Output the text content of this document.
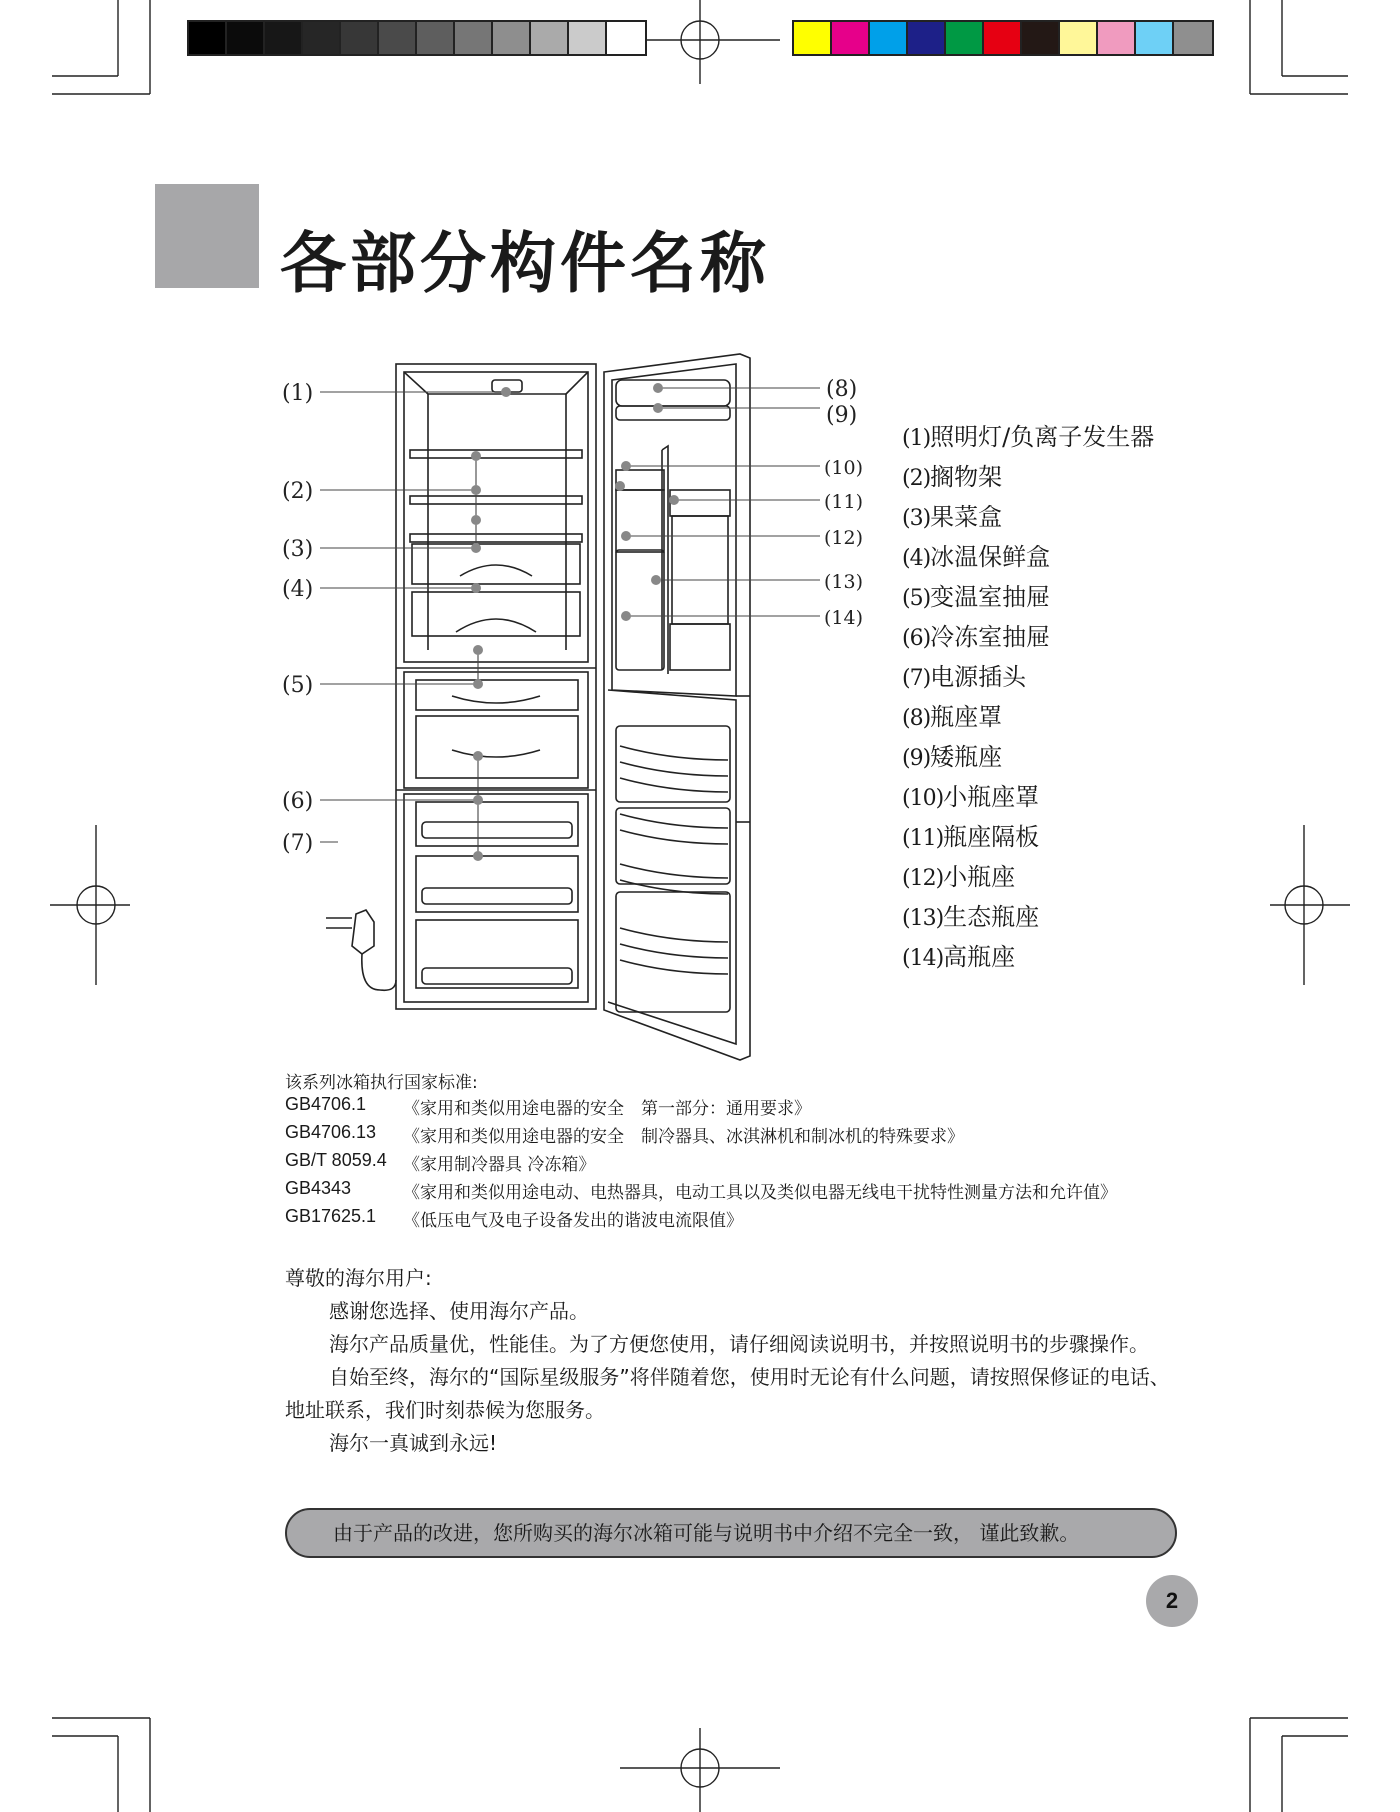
各部分构件名称
(1)
(2)
(3)
(4)
(5)
(6)
(7)
(8)
(9)
(10)
(11)
(12)
(13)
(14)
(1)照明灯/负离子发生器
(2)搁物架
(3)果菜盒
(4)冰温保鲜盒
(5)变温室抽屉
(6)冷冻室抽屉
(7)电源插头
(8)瓶座罩
(9)矮瓶座
(10)小瓶座罩
(11)瓶座隔板
(12)小瓶座
(13)生态瓶座
(14)高瓶座
该系列冰箱执行国家标准:
GB4706.1	《家用和类似用途电器的安全　第一部分：通用要求》
GB4706.13	《家用和类似用途电器的安全　制冷器具、冰淇淋机和制冰机的特殊要求》
GB/T 8059.4 《家用制冷器具 冷冻箱》
GB4343	《家用和类似用途电动、电热器具，电动工具以及类似电器无线电干扰特性测量方法和允许值》
GB17625.1	《低压电气及电子设备发出的谐波电流限值》

尊敬的海尔用户:

感谢您选择、使用海尔产品。

海尔产品质量优，性能佳。为了方便您使用，请仔细阅读说明书，并按照说明书的步骤操作。

自始至终，海尔的“国际星级服务”将伴随着您，使用时无论有什么问题，请按照保修证的电话、地址联系，我们时刻恭候为您服务。

海尔一真诚到永远!

由于产品的改进，您所购买的海尔冰箱可能与说明书中介绍不完全一致， 谨此致歉。
2
